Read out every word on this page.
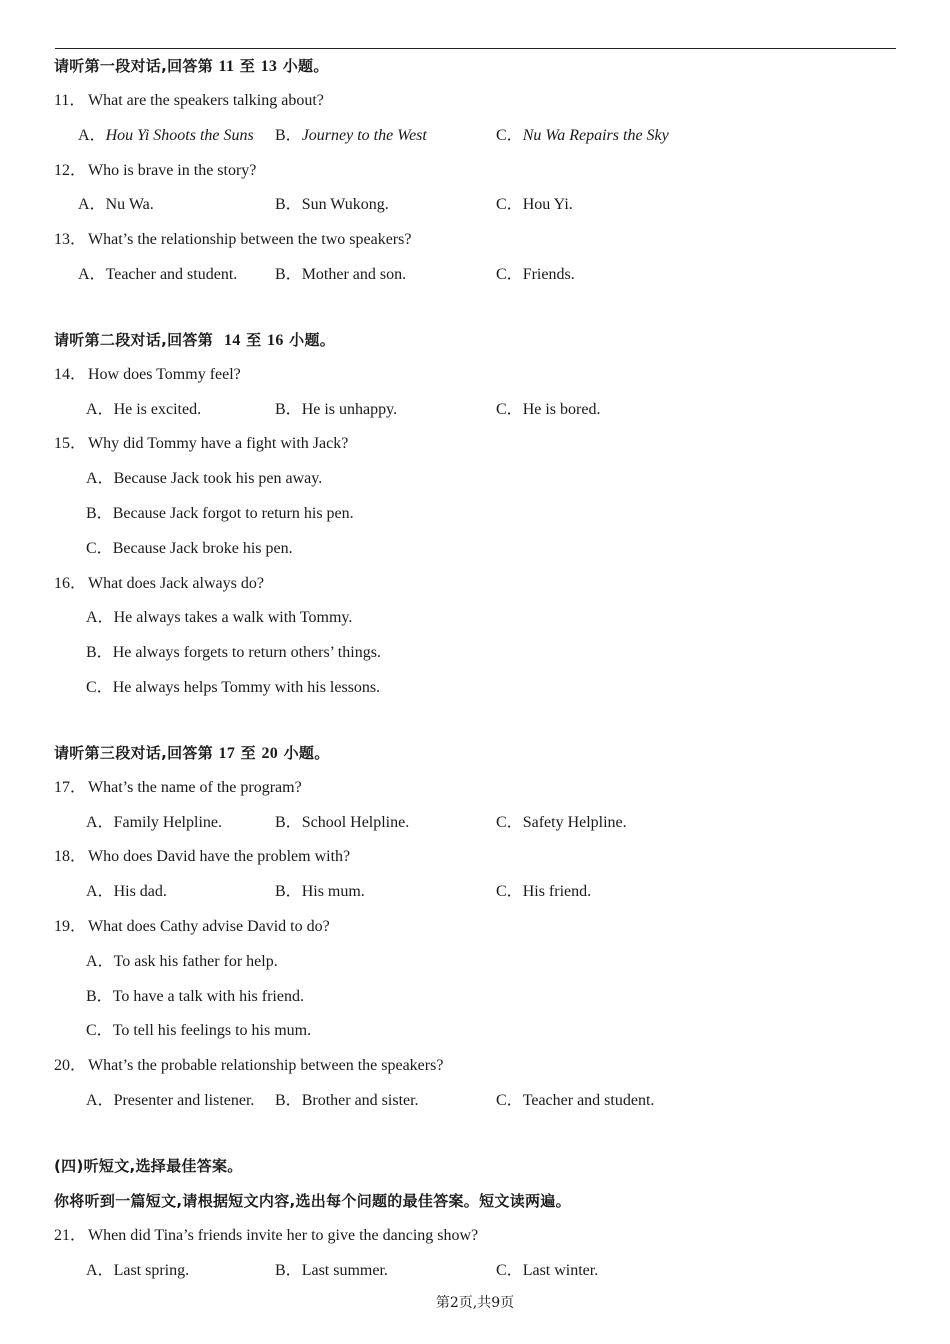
请听第一段对话,回答第 11 至 13 小题。
11． What are the speakers talking about?
A．Hou Yi Shoots the Suns B．Journey to the West	C．Nu Wa Repairs the Sky
12． Who is brave in the story?
A．Nu Wa.	B．Sun Wukong.	C．Hou Yi.
13． What’s the relationship between the two speakers?
A．Teacher and student. B．Mother and son.	C．Friends.
请听第二段对话,回答第  14 至 16 小题。
14． How does Tommy feel?
A．He is excited.	B．He is unhappy.	C．He is bored.
15． Why did Tommy have a fight with Jack?
A．Because Jack took his pen away.
B．Because Jack forgot to return his pen.
C．Because Jack broke his pen.
16． What does Jack always do?
A．He always takes a walk with Tommy.
B．He always forgets to return others’ things.
C．He always helps Tommy with his lessons.
请听第三段对话,回答第 17 至 20 小题。
17． What’s the name of the program?
A．Family Helpline.	B．School Helpline.	C．Safety Helpline.
18． Who does David have the problem with?
A．His dad.	B．His mum.	C．His friend.
19． What does Cathy advise David to do?
A．To ask his father for help.
B．To have a talk with his friend.
C．To tell his feelings to his mum.
20． What’s the probable relationship between the speakers?
A．Presenter and listener. B．Brother and sister.	C．Teacher and student.
(四)听短文,选择最佳答案。
你将听到一篇短文,请根据短文内容,选出每个问题的最佳答案。短文读两遍。
21． When did Tina’s friends invite her to give the dancing show?
A．Last spring.	B．Last summer.	C．Last winter.
第2页,共9页
